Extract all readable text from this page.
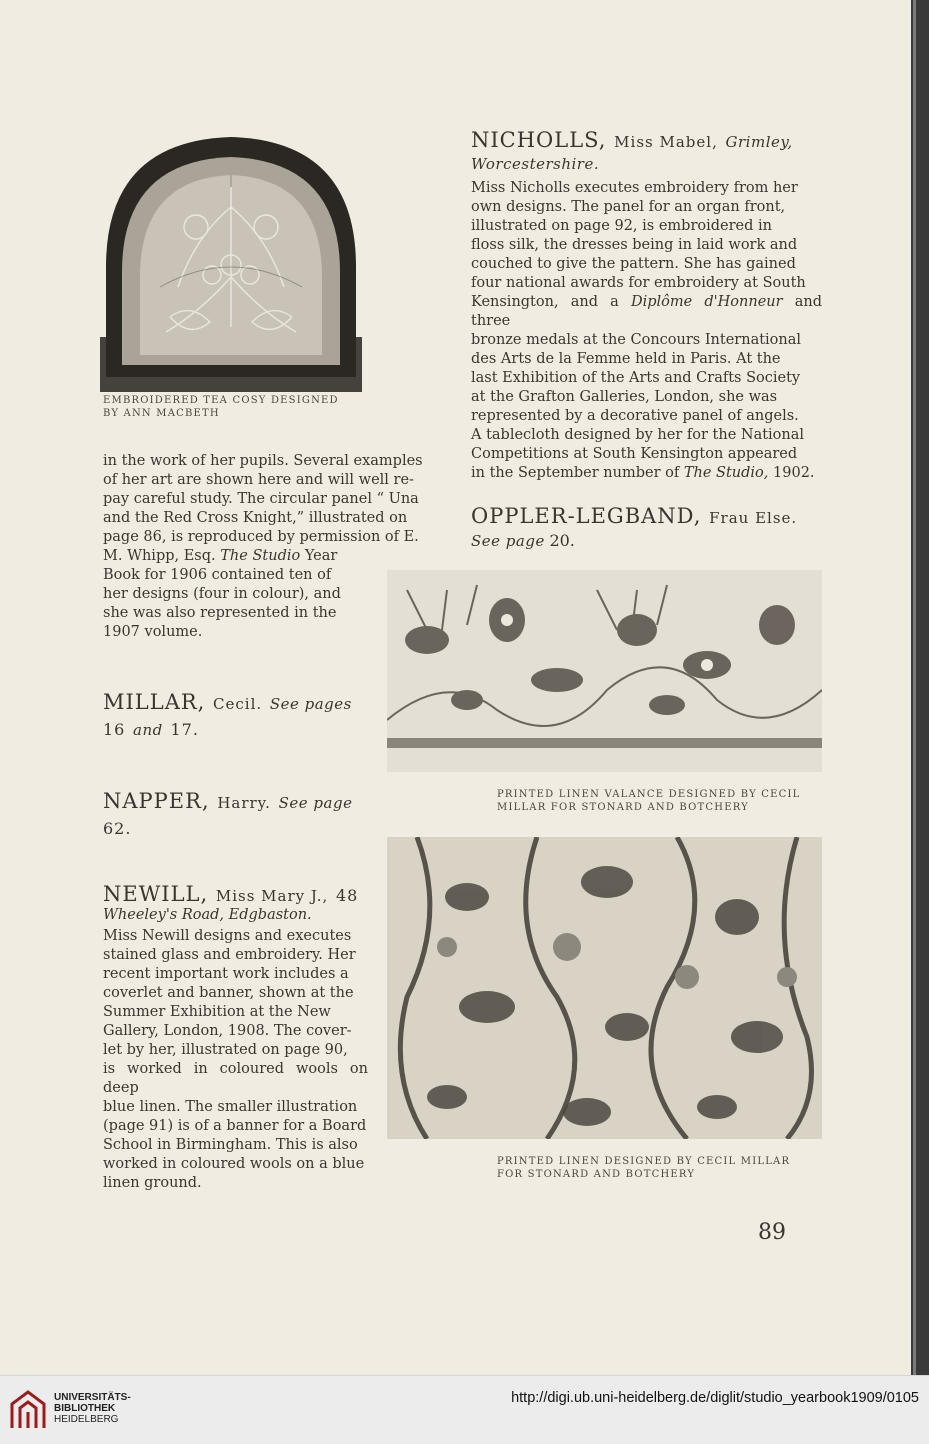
EMBROIDERED TEA COSY DESIGNED
BY ANN MACBETH

in the work of her pupils. Several examples

of her art are shown here and will well re-

pay careful study. The circular panel “ Una

and the Red Cross Knight,” illustrated on

page 86, is reproduced by permission of E.

M. Whipp, Esq. The Studio Year

Book for 1906 contained ten of

her designs (four in colour), and

she was also represented in the

1907 volume.

MILLAR, Cecil. See pages
16 and 17.
NAPPER, Harry. See page
62.
NEWILL, Miss Mary J., 48
Wheeley's Road, Edgbaston.

Miss Newill designs and executes

stained glass and embroidery. Her

recent important work includes a

coverlet and banner, shown at the

Summer Exhibition at the New

Gallery, London, 1908. The cover-

let by her, illustrated on page 90,

is worked in coloured wools on deep

blue linen. The smaller illustration

(page 91) is of a banner for a Board

School in Birmingham. This is also

worked in coloured wools on a blue

linen ground.

NICHOLLS, Miss Mabel, Grimley,
Worcestershire.

Miss Nicholls executes embroidery from her

own designs. The panel for an organ front,

illustrated on page 92, is embroidered in

floss silk, the dresses being in laid work and

couched to give the pattern. She has gained

four national awards for embroidery at South

Kensington, and a Diplôme d'Honneur and three

bronze medals at the Concours International

des Arts de la Femme held in Paris. At the

last Exhibition of the Arts and Crafts Society

at the Grafton Galleries, London, she was

represented by a decorative panel of angels.

A tablecloth designed by her for the National

Competitions at South Kensington appeared

in the September number of The Studio, 1902.

OPPLER-LEGBAND, Frau Else.
See page 20.
PRINTED LINEN VALANCE DESIGNED BY CECIL
MILLAR FOR STONARD AND BOTCHERY
PRINTED LINEN DESIGNED BY CECIL MILLAR
FOR STONARD AND BOTCHERY
89
UNIVERSITÄTS-
BIBLIOTHEK
HEIDELBERG
http://digi.ub.uni-heidelberg.de/diglit/studio_yearbook1909/0105
